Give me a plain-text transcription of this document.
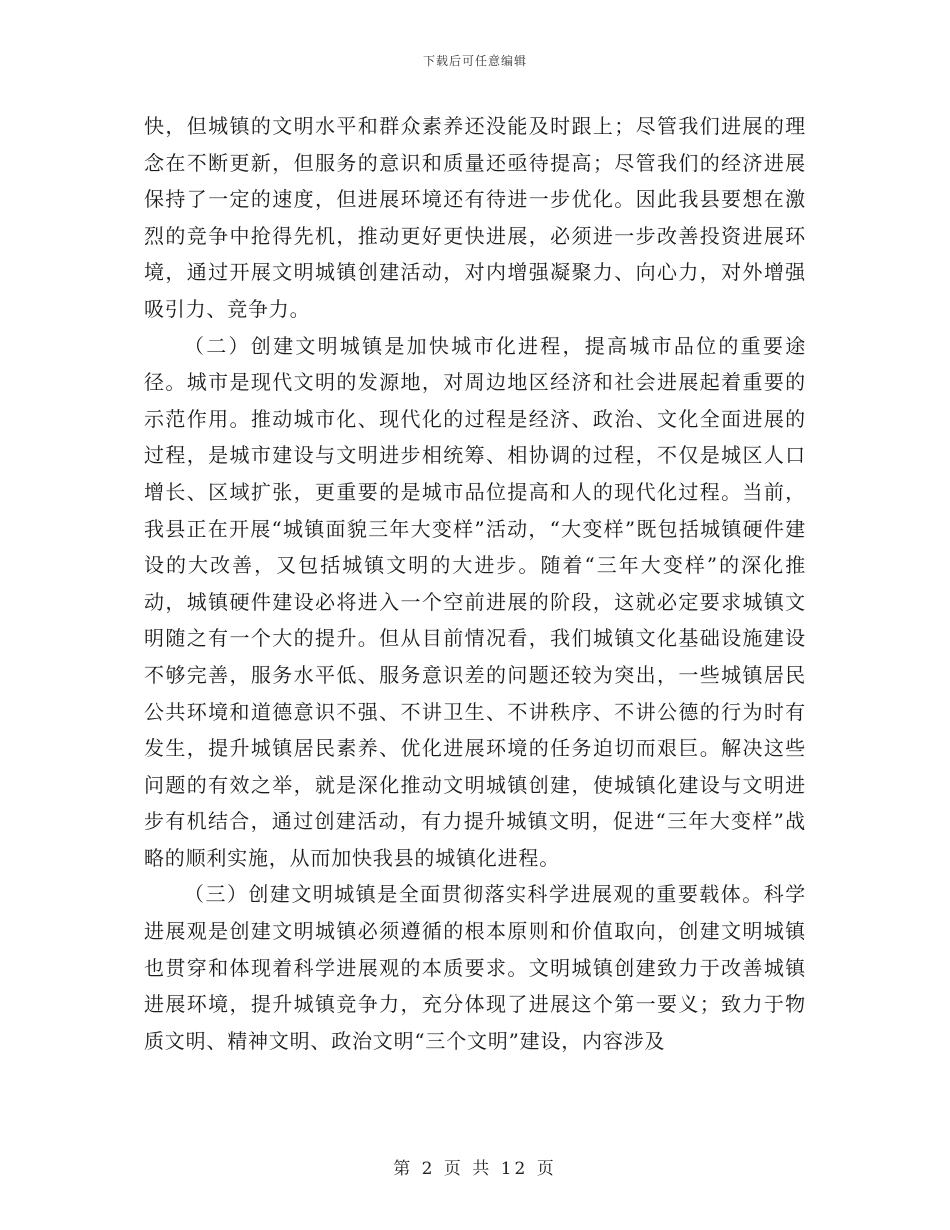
下载后可任意编辑

快，但城镇的文明水平和群众素养还没能及时跟上；尽管我们进展的理念在不断更新，但服务的意识和质量还亟待提高；尽管我们的经济进展保持了一定的速度，但进展环境还有待进一步优化。因此我县要想在激烈的竞争中抢得先机，推动更好更快进展，必须进一步改善投资进展环境，通过开展文明城镇创建活动，对内增强凝聚力、向心力，对外增强吸引力、竞争力。

（二）创建文明城镇是加快城市化进程，提高城市品位的重要途径。城市是现代文明的发源地，对周边地区经济和社会进展起着重要的示范作用。推动城市化、现代化的过程是经济、政治、文化全面进展的过程，是城市建设与文明进步相统筹、相协调的过程，不仅是城区人口增长、区域扩张，更重要的是城市品位提高和人的现代化过程。当前，我县正在开展“城镇面貌三年大变样”活动，“大变样”既包括城镇硬件建设的大改善，又包括城镇文明的大进步。随着“三年大变样”的深化推动，城镇硬件建设必将进入一个空前进展的阶段，这就必定要求城镇文明随之有一个大的提升。但从目前情况看，我们城镇文化基础设施建设不够完善，服务水平低、服务意识差的问题还较为突出，一些城镇居民公共环境和道德意识不强、不讲卫生、不讲秩序、不讲公德的行为时有发生，提升城镇居民素养、优化进展环境的任务迫切而艰巨。解决这些问题的有效之举，就是深化推动文明城镇创建，使城镇化建设与文明进步有机结合，通过创建活动，有力提升城镇文明，促进“三年大变样”战略的顺利实施，从而加快我县的城镇化进程。

（三）创建文明城镇是全面贯彻落实科学进展观的重要载体。科学进展观是创建文明城镇必须遵循的根本原则和价值取向，创建文明城镇也贯穿和体现着科学进展观的本质要求。文明城镇创建致力于改善城镇进展环境，提升城镇竞争力，充分体现了进展这个第一要义；致力于物质文明、精神文明、政治文明“三个文明”建设，内容涉及

第 2 页 共 12 页
